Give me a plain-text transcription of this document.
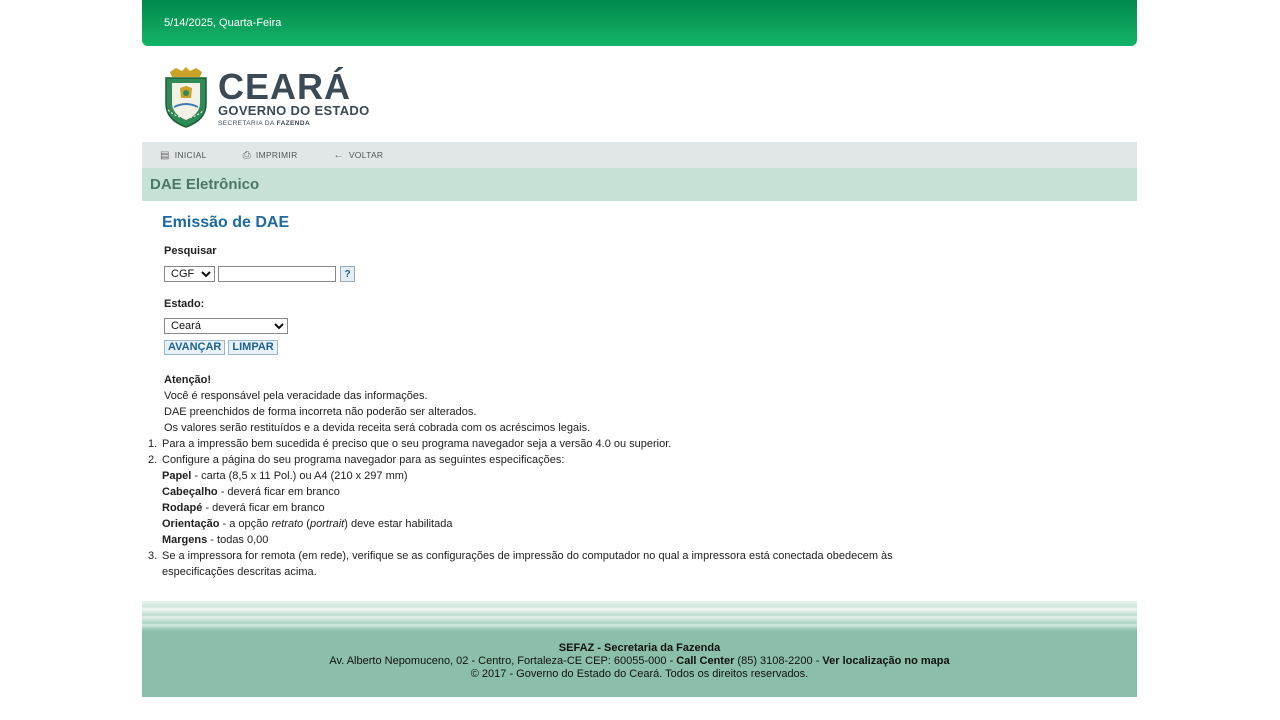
5/14/2025, Quarta-Feira
CEARÁ
GOVERNO DO ESTADO
SECRETARIA DA FAZENDA
▤ INICIAL	⎙ IMPRIMIR	← VOLTAR
DAE Eletrônico
Emissão de DAE
Pesquisar
CGF
?
Estado:
Ceará
AVANÇAR	LIMPAR
Atenção!
Você é responsável pela veracidade das informações.
DAE preenchidos de forma incorreta não poderão ser alterados.
Os valores serão restituídos e a devida receita será cobrada com os acréscimos legais.
1. Para a impressão bem sucedida é preciso que o seu programa navegador seja a versão 4.0 ou superior.
2. Configure a página do seu programa navegador para as seguintes especificações:
Papel - carta (8,5 x 11 Pol.) ou A4 (210 x 297 mm)
Cabeçalho - deverá ficar em branco
Rodapé - deverá ficar em branco
Orientação - a opção retrato (portrait) deve estar habilitada
Margens - todas 0,00
3. Se a impressora for remota (em rede), verifique se as configurações de impressão do computador no qual a impressora está conectada obedecem às
especificações descritas acima.
SEFAZ - Secretaria da Fazenda
Av. Alberto Nepomuceno, 02 - Centro, Fortaleza-CE CEP: 60055-000 - Call Center (85) 3108-2200 - Ver localização no mapa
© 2017 - Governo do Estado do Ceará. Todos os direitos reservados.
